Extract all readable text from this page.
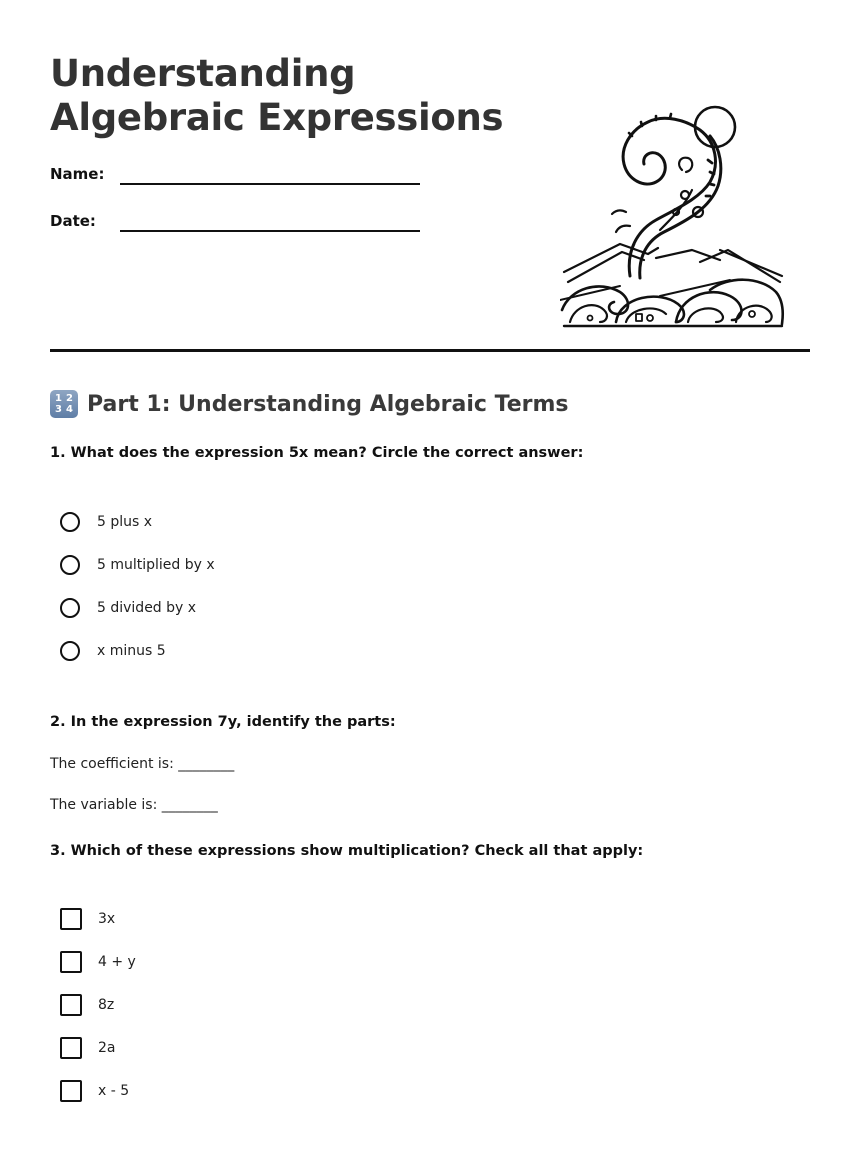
Understanding
Algebraic Expressions
Name:
Date:
1 2
3 4 Part 1: Understanding Algebraic Terms

1. What does the expression 5x mean? Circle the correct answer:

5 plus x
5 multiplied by x
5 divided by x
x minus 5

2. In the expression 7y, identify the parts:

The coefficient is: ________
The variable is: ________

3. Which of these expressions show multiplication? Check all that apply:

3x
4 + y
8z
2a
x - 5
